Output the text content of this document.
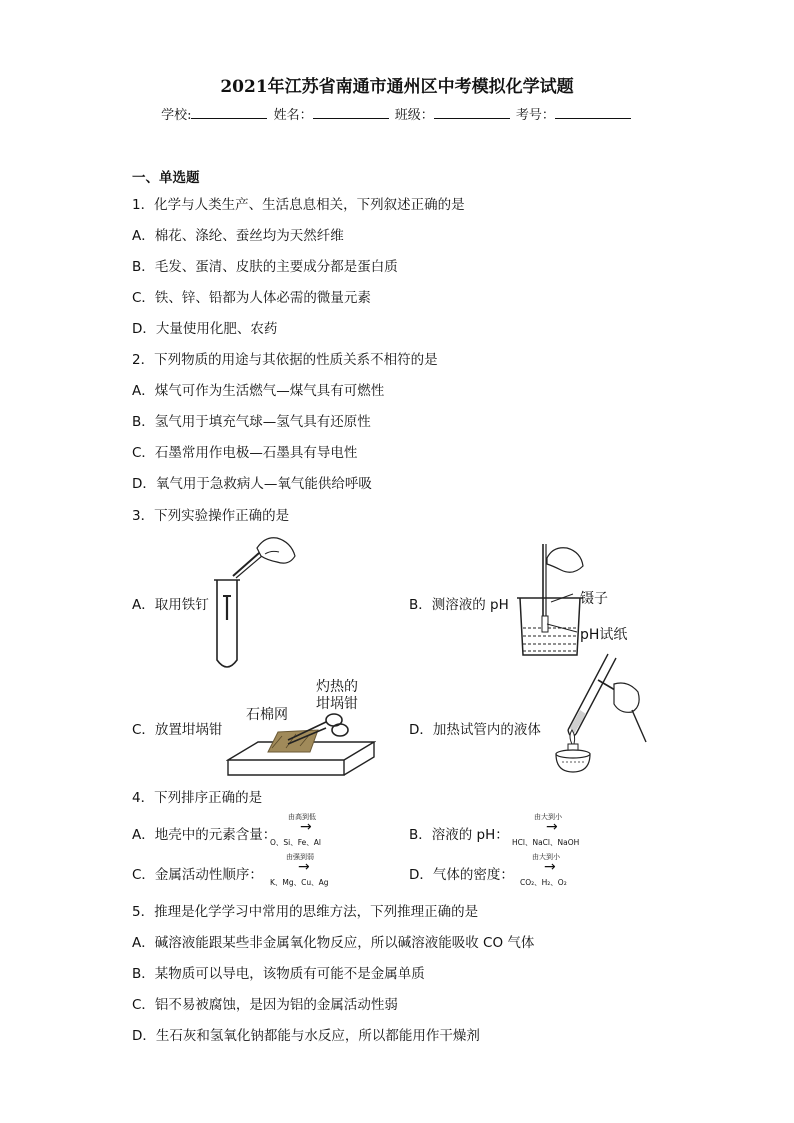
2021年江苏省南通市通州区中考模拟化学试题
学校:	姓名：	班级：	考号：
一、单选题
1．化学与人类生产、生活息息相关，下列叙述正确的是
A．棉花、涤纶、蚕丝均为天然纤维
B．毛发、蛋清、皮肤的主要成分都是蛋白质
C．铁、锌、铅都为人体必需的微量元素
D．大量使用化肥、农药
2．下列物质的用途与其依据的性质关系不相符的是
A．煤气可作为生活燃气—煤气具有可燃性
B．氢气用于填充气球—氢气具有还原性
C．石墨常用作电极—石墨具有导电性
D．氧气用于急救病人—氧气能供给呼吸
3．下列实验操作正确的是
A．取用铁钉	B．测溶液的 pH	镊子
pH试纸
C．放置坩埚钳
石棉网
灼热的
坩埚钳
D．加热试管内的液体
4．下列排序正确的是
A．地壳中的元素含量：
由高到低
→
O、Si、Fe、Al	B．溶液的 pH：
由大到小
→
HCl、NaCl、NaOH
C．金属活动性顺序：
由强到弱
→
K、Mg、Cu、Ag	D．气体的密度：
由大到小
→
CO₂、H₂、O₂
5．推理是化学学习中常用的思维方法，下列推理正确的是
A．碱溶液能跟某些非金属氧化物反应，所以碱溶液能吸收 CO 气体
B．某物质可以导电，该物质有可能不是金属单质
C．铝不易被腐蚀，是因为铝的金属活动性弱
D．生石灰和氢氧化钠都能与水反应，所以都能用作干燥剂
